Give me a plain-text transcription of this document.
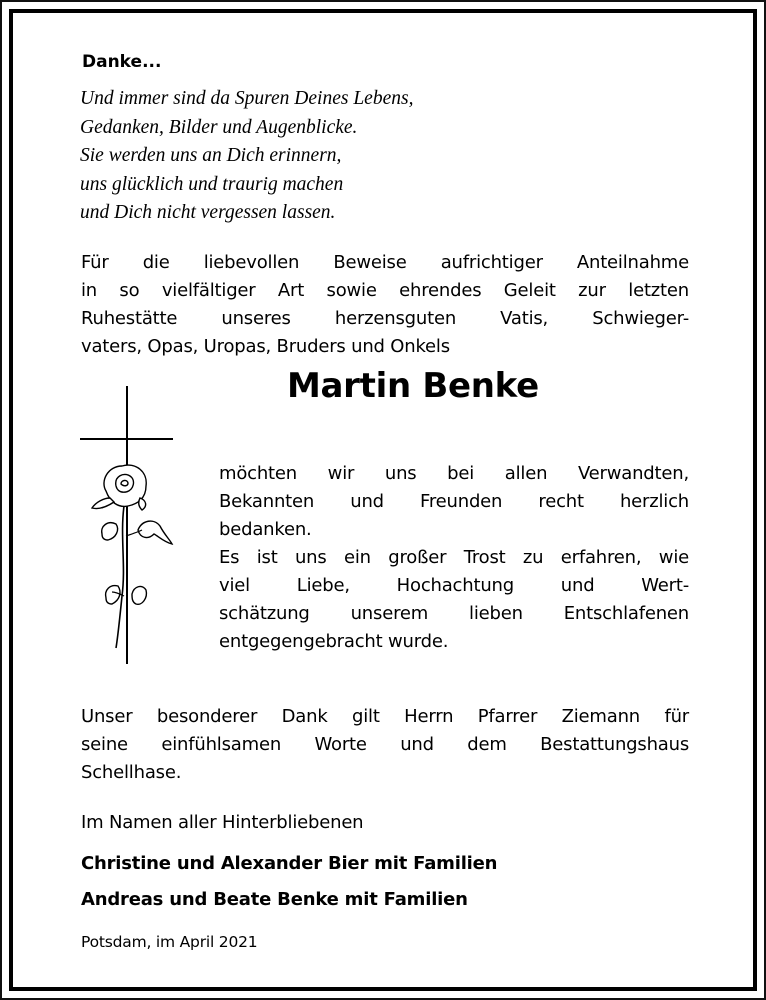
Danke...
Und immer sind da Spuren Deines Lebens,
Gedanken, Bilder und Augenblicke.
Sie werden uns an Dich erinnern,
uns glücklich und traurig machen
und Dich nicht vergessen lassen.
Für die liebevollen Beweise aufrichtiger Anteilnahme
in so vielfältiger Art sowie ehrendes Geleit zur letzten
Ruhestätte unseres herzensguten Vatis, Schwieger-
vaters, Opas, Uropas, Bruders und Onkels
Martin Benke
möchten wir uns bei allen Verwandten,
Bekannten und Freunden recht herzlich
bedanken.
Es ist uns ein großer Trost zu erfahren, wie
viel Liebe, Hochachtung und Wert-
schätzung unserem lieben Entschlafenen
entgegengebracht wurde.
Unser besonderer Dank gilt Herrn Pfarrer Ziemann für
seine einfühlsamen Worte und dem Bestattungshaus
Schellhase.
Im Namen aller Hinterbliebenen
Christine und Alexander Bier mit Familien
Andreas und Beate Benke mit Familien
Potsdam, im April 2021
